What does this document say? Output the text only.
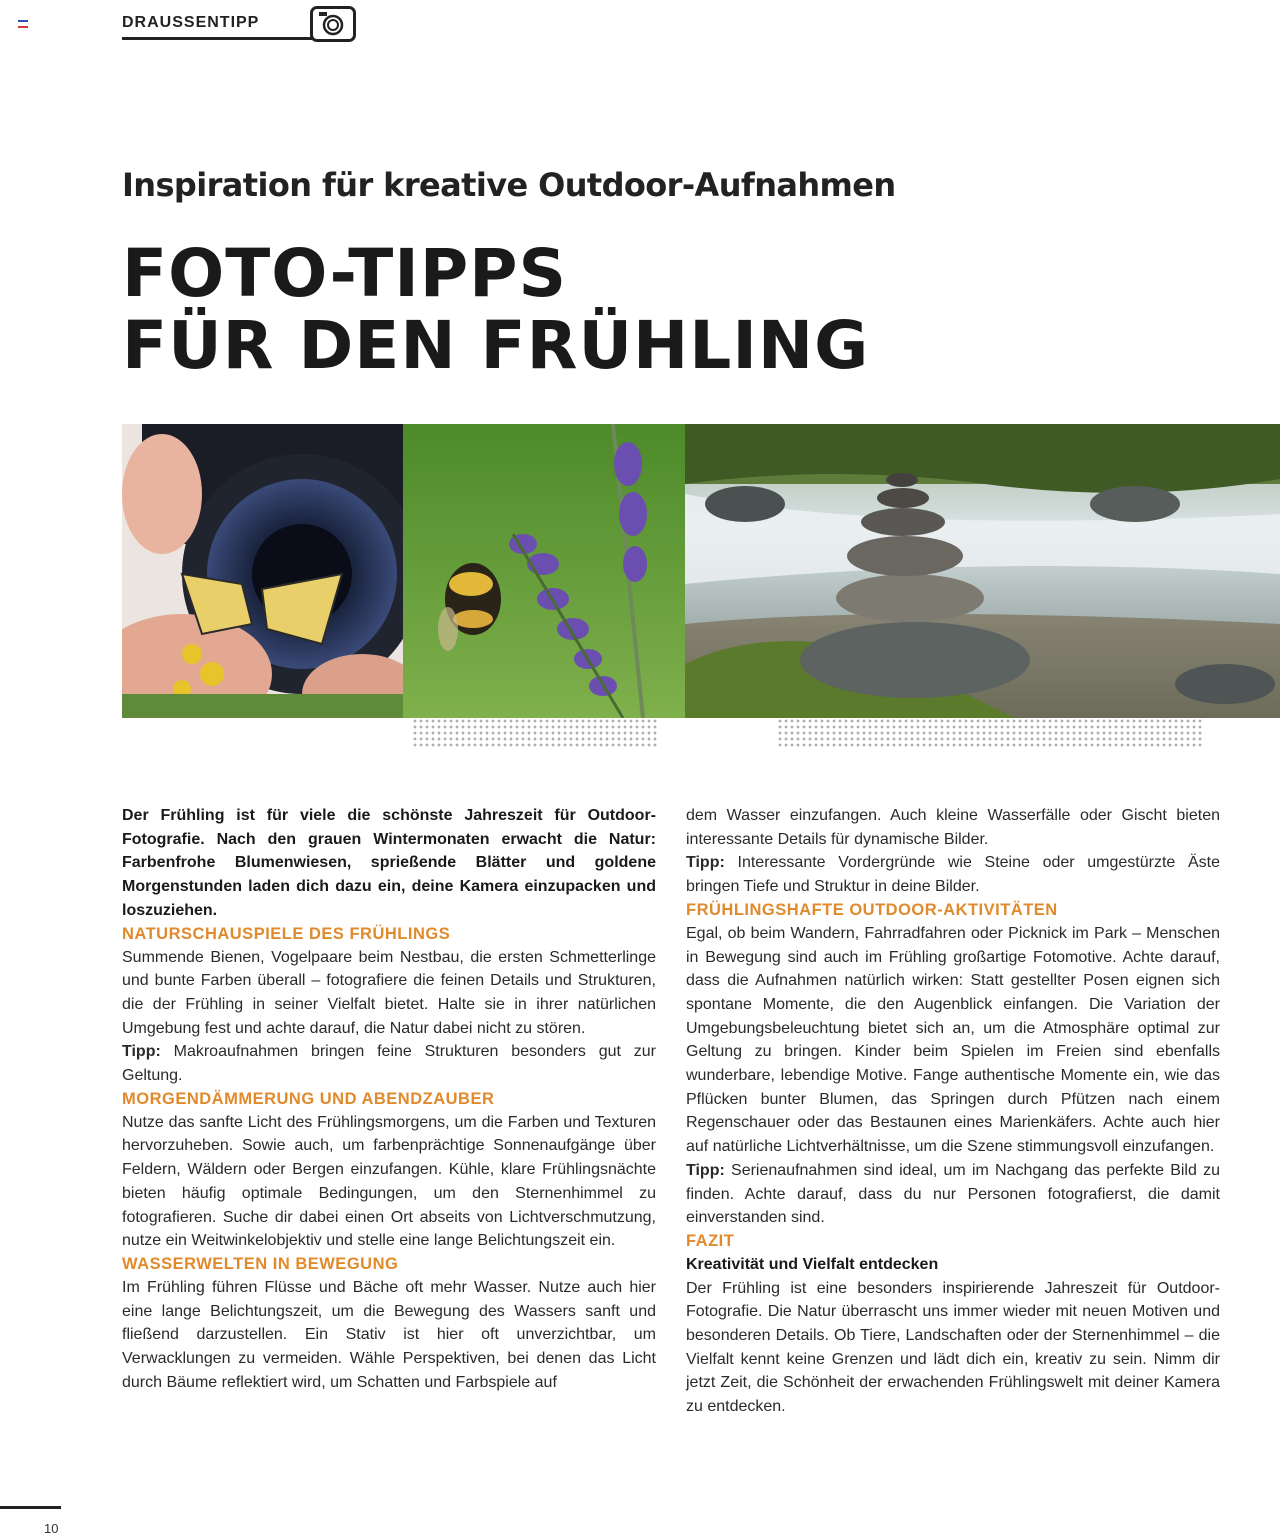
DRAUSSENTIPP
Inspiration für kreative Outdoor-Aufnahmen
FOTO-TIPPS
FÜR DEN FRÜHLING

Der Frühling ist für viele die schönste Jahreszeit für Outdoor-Fotografie. Nach den grauen Wintermonaten erwacht die Natur: Farbenfrohe Blumenwiesen, sprießende Blätter und goldene Morgenstunden laden dich dazu ein, deine Kamera einzupacken und loszuziehen.

NATURSCHAUSPIELE DES FRÜHLINGS

Summende Bienen, Vogelpaare beim Nestbau, die ersten Schmetterlinge und bunte Farben überall – fotografiere die feinen Details und Strukturen, die der Frühling in seiner Vielfalt bietet. Halte sie in ihrer natürlichen Umgebung fest und achte darauf, die Natur dabei nicht zu stören.

Tipp: Makroaufnahmen bringen feine Strukturen besonders gut zur Geltung.

MORGENDÄMMERUNG UND ABENDZAUBER

Nutze das sanfte Licht des Frühlingsmorgens, um die Farben und Texturen hervorzuheben. Sowie auch, um farbenprächtige Sonnenaufgänge über Feldern, Wäldern oder Bergen einzufangen. Kühle, klare Frühlingsnächte bieten häufig optimale Bedingungen, um den Sternenhimmel zu fotografieren. Suche dir dabei einen Ort abseits von Lichtverschmutzung, nutze ein Weitwinkelobjektiv und stelle eine lange Belichtungszeit ein.

WASSERWELTEN IN BEWEGUNG

Im Frühling führen Flüsse und Bäche oft mehr Wasser. Nutze auch hier eine lange Belichtungszeit, um die Bewegung des Wassers sanft und fließend darzustellen. Ein Stativ ist hier oft unverzichtbar, um Verwacklungen zu vermeiden. Wähle Perspektiven, bei denen das Licht durch Bäume reflektiert wird, um Schatten und Farbspiele auf

dem Wasser einzufangen. Auch kleine Wasserfälle oder Gischt bieten interessante Details für dynamische Bilder.

Tipp: Interessante Vordergründe wie Steine oder umgestürzte Äste bringen Tiefe und Struktur in deine Bilder.

FRÜHLINGSHAFTE OUTDOOR-AKTIVITÄTEN

Egal, ob beim Wandern, Fahrradfahren oder Picknick im Park – Menschen in Bewegung sind auch im Frühling großartige Fotomotive. Achte darauf, dass die Aufnahmen natürlich wirken: Statt gestellter Posen eignen sich spontane Momente, die den Augenblick einfangen. Die Variation der Umgebungsbeleuchtung bietet sich an, um die Atmosphäre optimal zur Geltung zu bringen. Kinder beim Spielen im Freien sind ebenfalls wunderbare, lebendige Motive. Fange authentische Momente ein, wie das Pflücken bunter Blumen, das Springen durch Pfützen nach einem Regenschauer oder das Bestaunen eines Marienkäfers. Achte auch hier auf natürliche Lichtverhältnisse, um die Szene stimmungsvoll einzufangen.

Tipp: Serienaufnahmen sind ideal, um im Nachgang das perfekte Bild zu finden. Achte darauf, dass du nur Personen fotografierst, die damit einverstanden sind.

FAZIT

Kreativität und Vielfalt entdecken

Der Frühling ist eine besonders inspirierende Jahreszeit für Outdoor-Fotografie. Die Natur überrascht uns immer wieder mit neuen Motiven und besonderen Details. Ob Tiere, Landschaften oder der Sternenhimmel – die Vielfalt kennt keine Grenzen und lädt dich ein, kreativ zu sein. Nimm dir jetzt Zeit, die Schönheit der erwachenden Frühlingswelt mit deiner Kamera zu entdecken.

10
